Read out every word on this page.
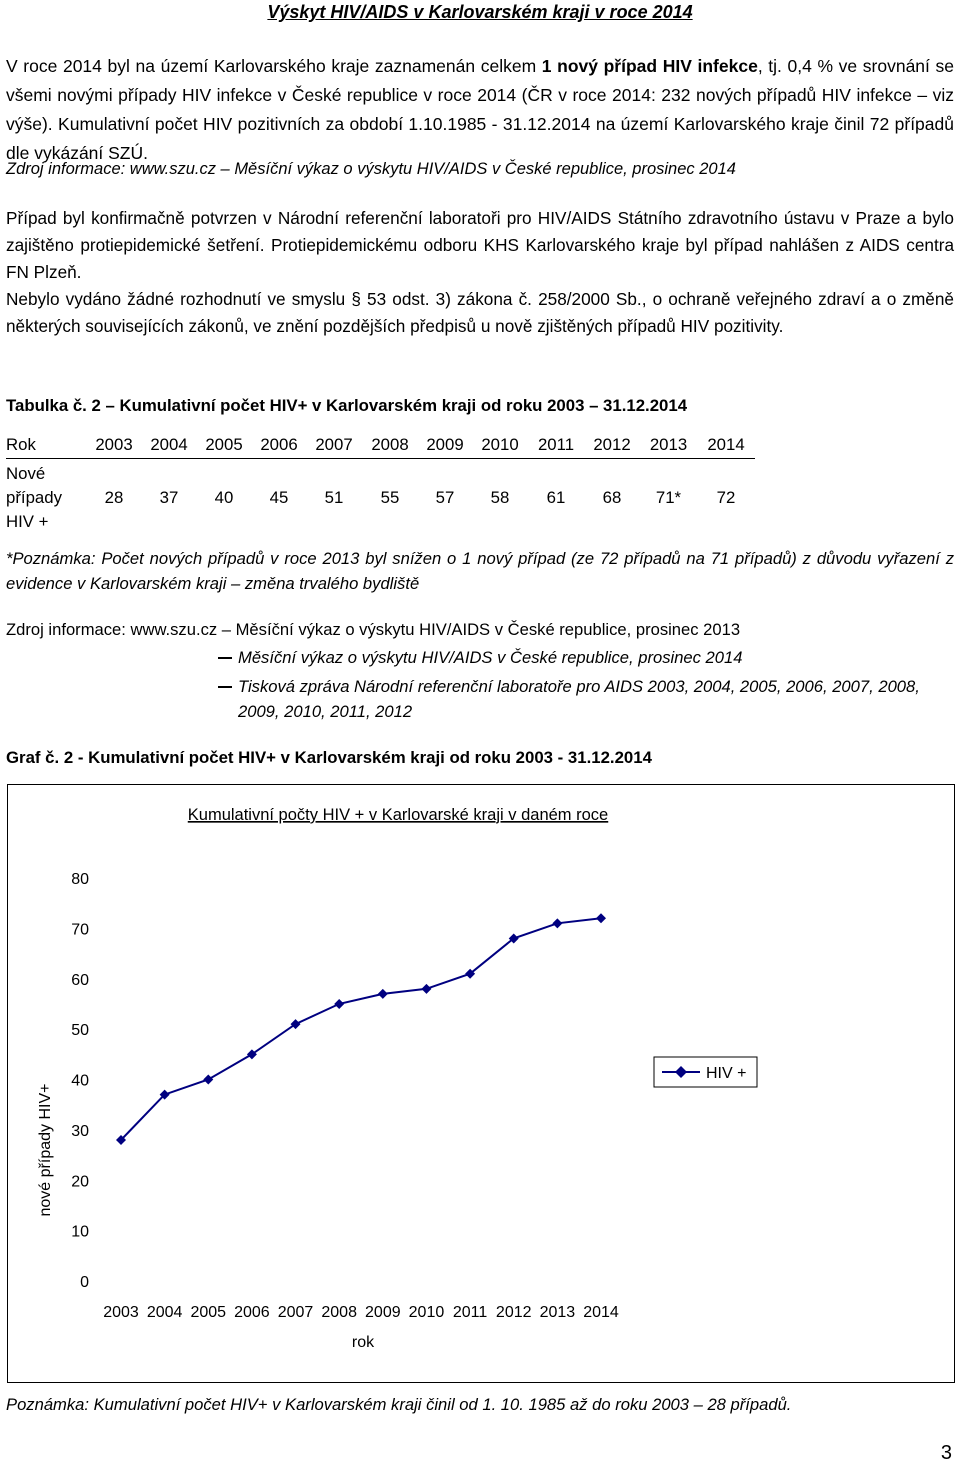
Výskyt HIV/AIDS v Karlovarském kraji v roce 2014
V roce 2014 byl na území Karlovarského kraje zaznamenán celkem 1 nový případ HIV infekce, tj. 0,4 % ve srovnání se všemi novými případy HIV infekce v České republice v roce 2014 (ČR v roce 2014: 232 nových případů HIV infekce – viz výše). Kumulativní počet HIV pozitivních za období 1.10.1985 - 31.12.2014 na území Karlovarského kraje činil 72 případů dle vykázání SZÚ.
Zdroj informace: www.szu.cz – Měsíční výkaz o výskytu HIV/AIDS v České republice, prosinec 2014
Případ byl konfirmačně potvrzen v Národní referenční laboratoři pro HIV/AIDS Státního zdravotního ústavu v Praze a bylo zajištěno protiepidemické šetření. Protiepidemickému odboru KHS Karlovarského kraje byl případ nahlášen z AIDS centra FN Plzeň.
Nebylo vydáno žádné rozhodnutí ve smyslu § 53 odst. 3) zákona č. 258/2000 Sb., o ochraně veřejného zdraví a o změně některých souvisejících zákonů, ve znění pozdějších předpisů u nově zjištěných případů HIV pozitivity.
Tabulka č. 2 – Kumulativní počet HIV+ v Karlovarském kraji od roku 2003 – 31.12.2014
Rok	2003	2004	2005	2006	2007	2008	2009	2010	2011	2012	2013	2014
Nové případy HIV +	28	37	40	45	51	55	57	58	61	68	71*	72
*Poznámka: Počet nových případů v roce 2013 byl snížen o 1 nový případ (ze 72 případů na 71 případů) z důvodu vyřazení z evidence v Karlovarském kraji – změna trvalého bydliště
Zdroj informace: www.szu.cz – Měsíční výkaz o výskytu HIV/AIDS v České republice, prosinec 2013
Měsíční výkaz o výskytu HIV/AIDS v České republice, prosinec 2014
Tisková zpráva Národní referenční laboratoře pro AIDS 2003, 2004, 2005, 2006, 2007, 2008, 2009, 2010, 2011, 2012
Graf č. 2 - Kumulativní počet HIV+ v Karlovarském kraji od roku 2003 - 31.12.2014
Kumulativní počty HIV + v Karlovarské kraji v daném roce
nové případy HIV+
rok
0
10
20
30
40
50
60
70
80
2003 2004 2005 2006 2007 2008 2009 2010 2011 2012 2013 2014
HIV +
Poznámka: Kumulativní počet HIV+ v Karlovarském kraji činil od 1. 10. 1985 až do roku 2003 – 28 případů.
3
